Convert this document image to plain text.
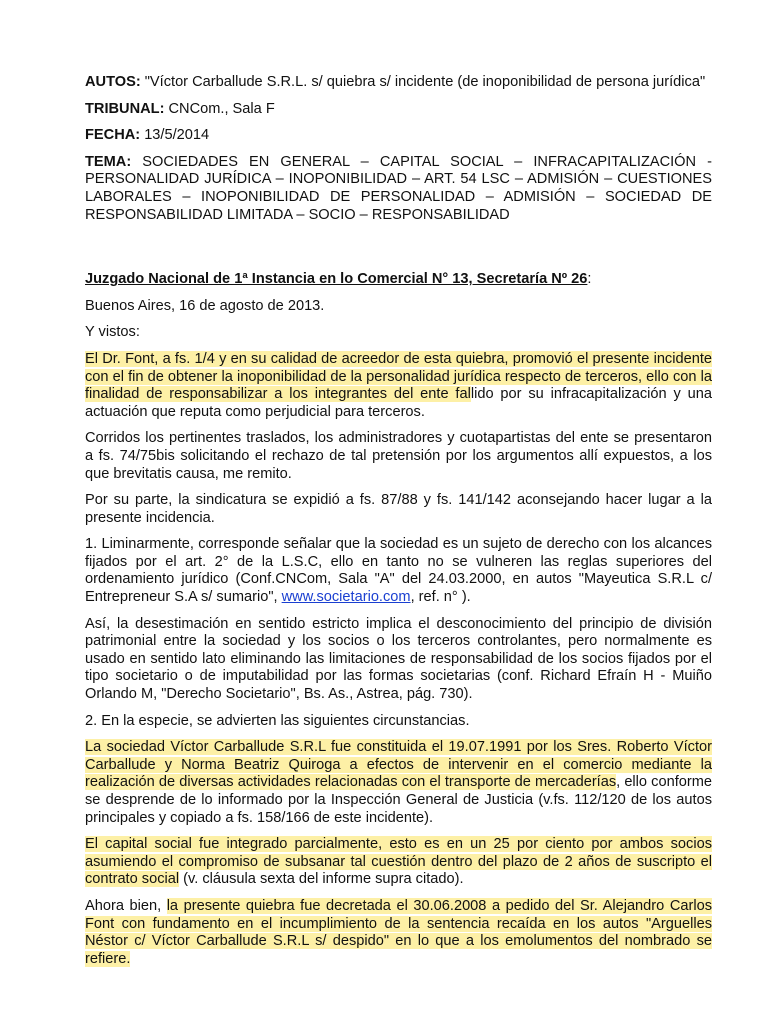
AUTOS: "Víctor Carballude S.R.L. s/ quiebra s/ incidente (de inoponibilidad de persona jurídica"

TRIBUNAL: CNCom., Sala F

FECHA: 13/5/2014

TEMA: SOCIEDADES EN GENERAL – CAPITAL SOCIAL – INFRACAPITALIZACIÓN - PERSONALIDAD JURÍDICA – INOPONIBILIDAD – ART. 54 LSC – ADMISIÓN – CUESTIONES LABORALES – INOPONIBILIDAD DE PERSONALIDAD – ADMISIÓN – SOCIEDAD DE RESPONSABILIDAD LIMITADA – SOCIO – RESPONSABILIDAD

Juzgado Nacional de 1ª Instancia en lo Comercial N° 13, Secretaría Nº 26:

Buenos Aires, 16 de agosto de 2013.

Y vistos:

El Dr. Font, a fs. 1/4 y en su calidad de acreedor de esta quiebra, promovió el presente incidente con el fin de obtener la inoponibilidad de la personalidad jurídica respecto de terceros, ello con la finalidad de responsabilizar a los integrantes del ente fallido por su infracapitalización y una actuación que reputa como perjudicial para terceros.

Corridos los pertinentes traslados, los administradores y cuotapartistas del ente se presentaron a fs. 74/75bis solicitando el rechazo de tal pretensión por los argumentos allí expuestos, a los que brevitatis causa, me remito.

Por su parte, la sindicatura se expidió a fs. 87/88 y fs. 141/142 aconsejando hacer lugar a la presente incidencia.

1. Liminarmente, corresponde señalar que la sociedad es un sujeto de derecho con los alcances fijados por el art. 2° de la L.S.C, ello en tanto no se vulneren las reglas superiores del ordenamiento jurídico (Conf.CNCom, Sala "A" del 24.03.2000, en autos "Mayeutica S.R.L c/ Entrepreneur S.A s/ sumario", www.societario.com, ref. n° ).

Así, la desestimación en sentido estricto implica el desconocimiento del principio de división patrimonial entre la sociedad y los socios o los terceros controlantes, pero normalmente es usado en sentido lato eliminando las limitaciones de responsabilidad de los socios fijados por el tipo societario o de imputabilidad por las formas societarias (conf. Richard Efraín H - Muiño Orlando M, "Derecho Societario", Bs. As., Astrea, pág. 730).

2. En la especie, se advierten las siguientes circunstancias.

La sociedad Víctor Carballude S.R.L fue constituida el 19.07.1991 por los Sres. Roberto Víctor Carballude y Norma Beatriz Quiroga a efectos de intervenir en el comercio mediante la realización de diversas actividades relacionadas con el transporte de mercaderías, ello conforme se desprende de lo informado por la Inspección General de Justicia (v.fs. 112/120 de los autos principales y copiado a fs. 158/166 de este incidente).

El capital social fue integrado parcialmente, esto es en un 25 por ciento por ambos socios asumiendo el compromiso de subsanar tal cuestión dentro del plazo de 2 años de suscripto el contrato social (v. cláusula sexta del informe supra citado).

Ahora bien, la presente quiebra fue decretada el 30.06.2008 a pedido del Sr. Alejandro Carlos Font con fundamento en el incumplimiento de la sentencia recaída en los autos "Arguelles Néstor c/ Víctor Carballude S.R.L s/ despido" en lo que a los emolumentos del nombrado se refiere.
